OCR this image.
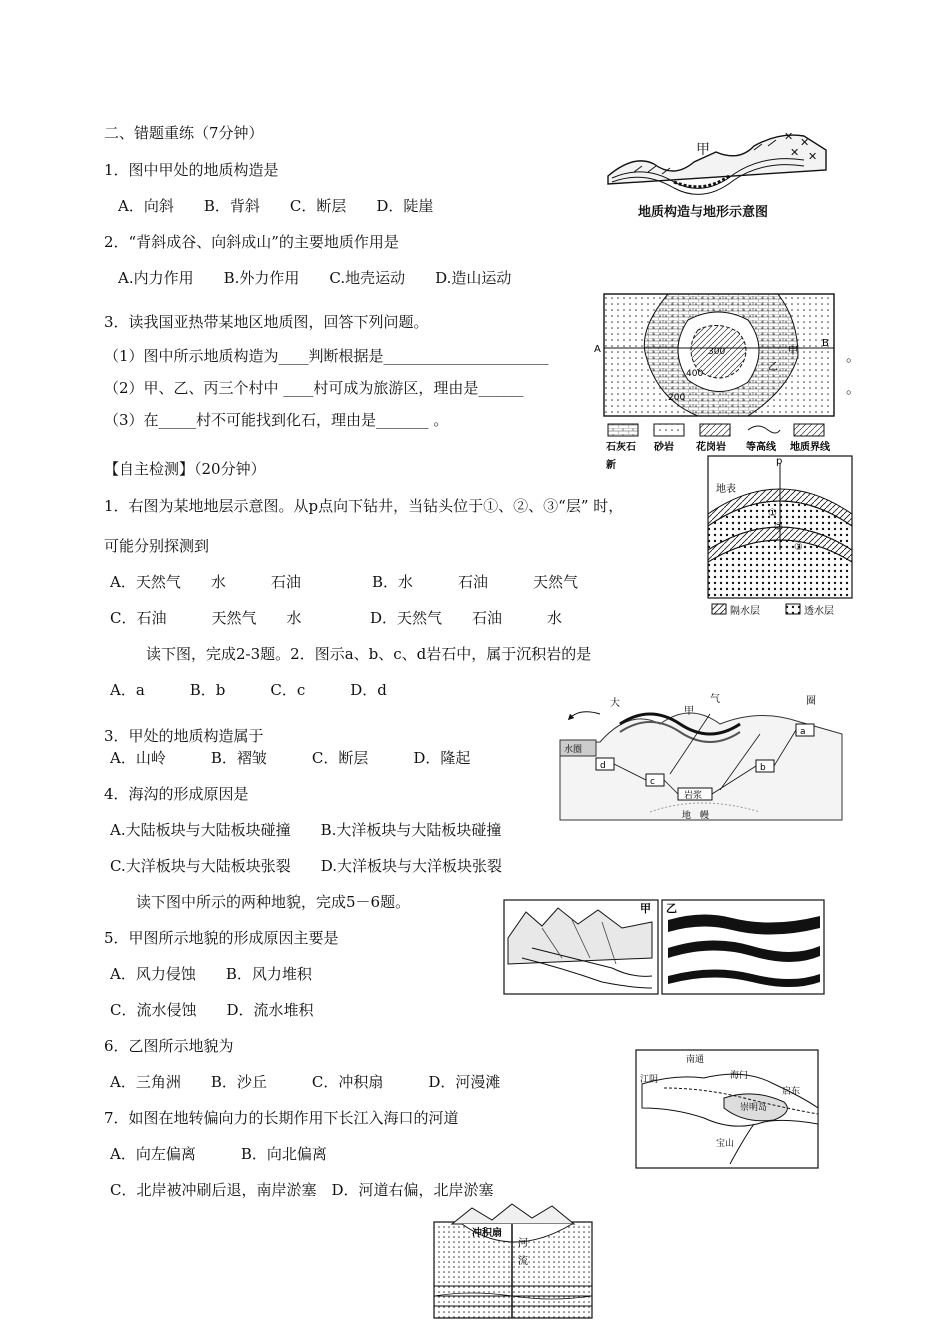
二、错题重练（7分钟）
1．图中甲处的地质构造是
A．向斜　　B．背斜　　C．断层　　D．陡崖
2．“背斜成谷、向斜成山”的主要地质作用是
A.内力作用　　B.外力作用　　C.地壳运动　　D.造山运动
3．读我国亚热带某地区地质图，回答下列问题。
（1）图中所示地质构造为____判断根据是______________________
（2）甲、乙、丙三个村中 ____村可成为旅游区，理由是______
（3）在_____村不可能找到化石，理由是_______ 。
。
。
【自主检测】（20分钟）
1．右图为某地地层示意图。从p点向下钻井，当钻头位于①、②、③“层” 时，
可能分别探测到
A．天然气　　水　　　石油	B．水　　　石油　　　天然气
C．石油　　　天然气　　水	D．天然气　　石油　　　水
读下图，完成2-3题。2．图示a、b、c、d岩石中，属于沉积岩的是
A．a　　　B．b　　　C．c　　　D．d
3．甲处的地质构造属于
A．山岭　　　B．褶皱　　　C．断层　　　D．隆起
4．海沟的形成原因是
A.大陆板块与大陆板块碰撞　　B.大洋板块与大陆板块碰撞
C.大洋板块与大陆板块张裂　　D.大洋板块与大洋板块张裂
读下图中所示的两种地貌，完成5－6题。
5．甲图所示地貌的形成原因主要是
A．风力侵蚀　　B．风力堆积
C．流水侵蚀　　D．流水堆积
6．乙图所示地貌为
A．三角洲　　B．沙丘　　　C．冲积扇　　　D．河漫滩
7．如图在地转偏向力的长期作用下长江入海口的河道
A．向左偏离　　　B．向北偏离
C．北岸被冲刷后退，南岸淤塞　D．河道右偏，北岸淤塞
✕ ✕
✕ ✕
甲
地质构造与地形示意图
A
B
甲
乙
300
400
200
石灰石 砂岩 花岗岩 等高线 地质界线
新	p
地表
①
②
③
隔水层	透水层
大	气	圈
甲
水圈
a
b
c
d
岩浆
地　幔
甲 乙
南通
海门
江阴
启东
崇明岛
宝山
冲积扇
河
流
